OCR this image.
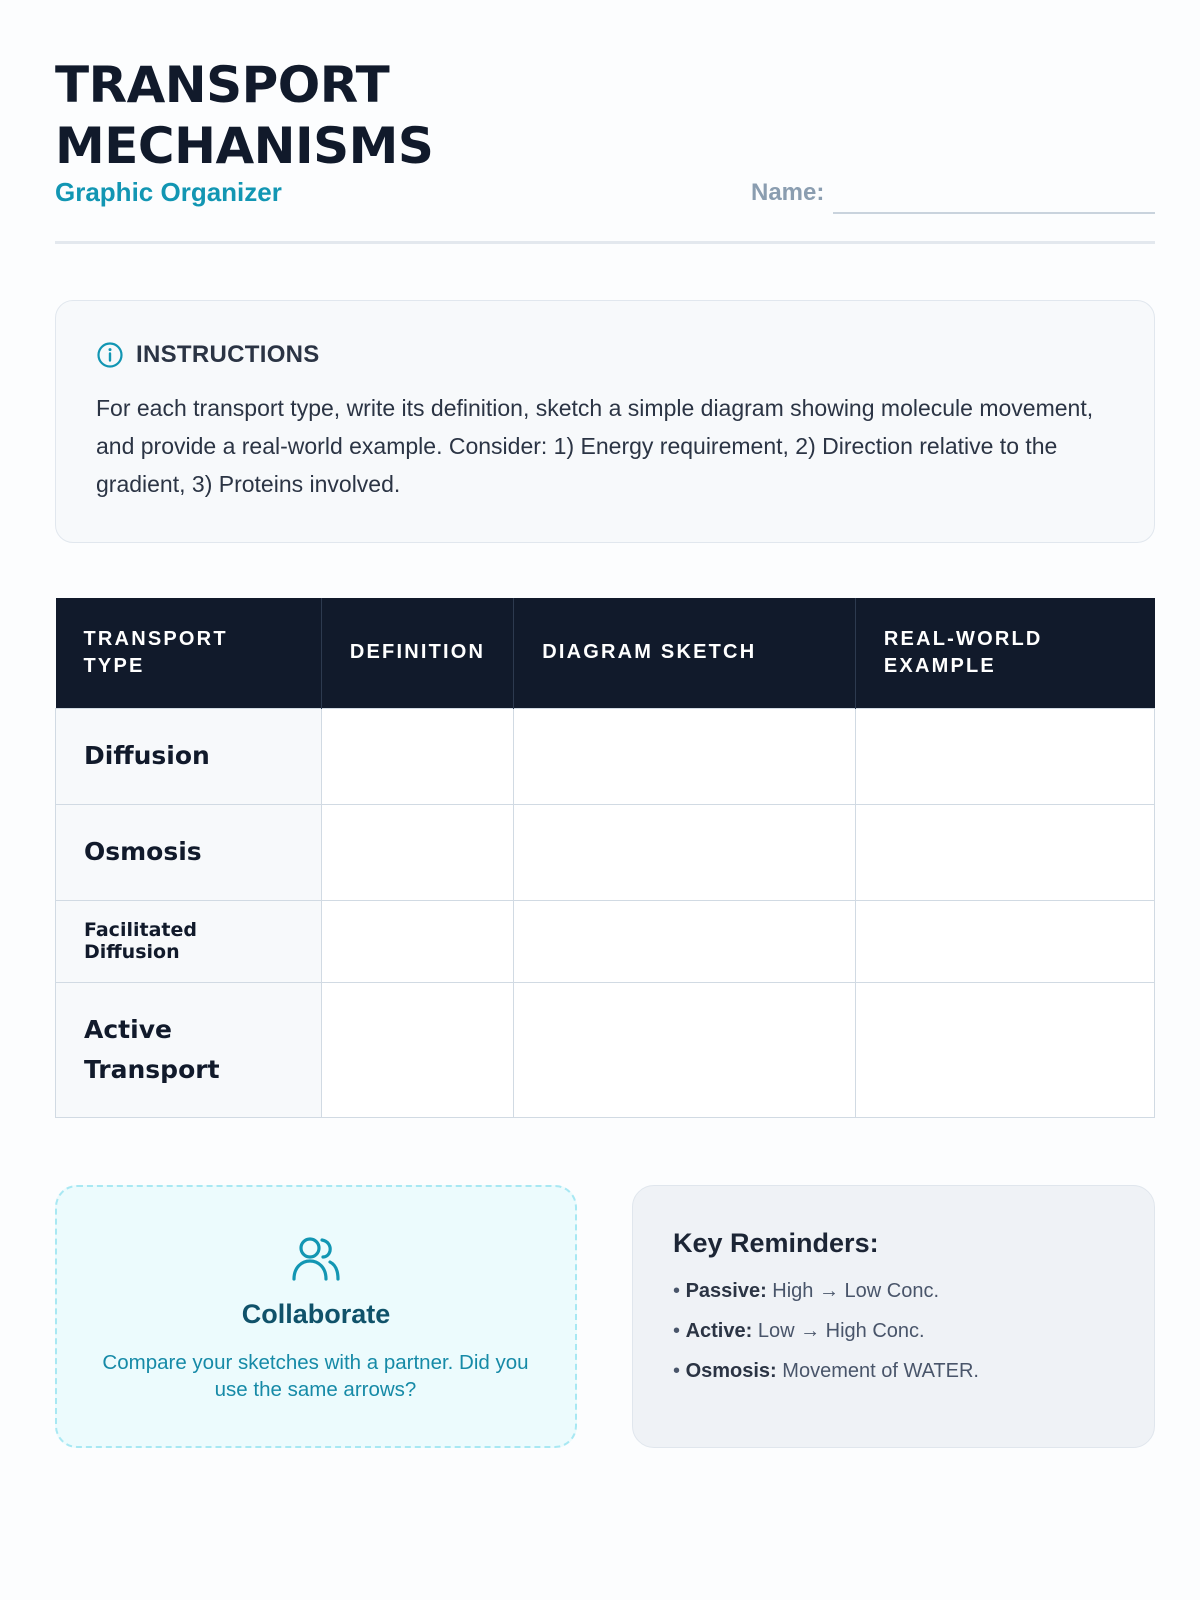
TRANSPORT MECHANISMS
Graphic Organizer	Name:
INSTRUCTIONS

For each transport type, write its definition, sketch a simple diagram showing molecule movement, and provide a real-world example. Consider: 1) Energy requirement, 2) Direction relative to the gradient, 3) Proteins involved.

TRANSPORT TYPE	DEFINITION	DIAGRAM SKETCH	REAL-WORLD EXAMPLE
Diffusion			
Osmosis			
Facilitated Diffusion			
Active Transport			
Collaborate
Compare your sketches with a partner. Did you use the same arrows?
Key Reminders:
• Passive: High → Low Conc.
• Active: Low → High Conc.
• Osmosis: Movement of WATER.
